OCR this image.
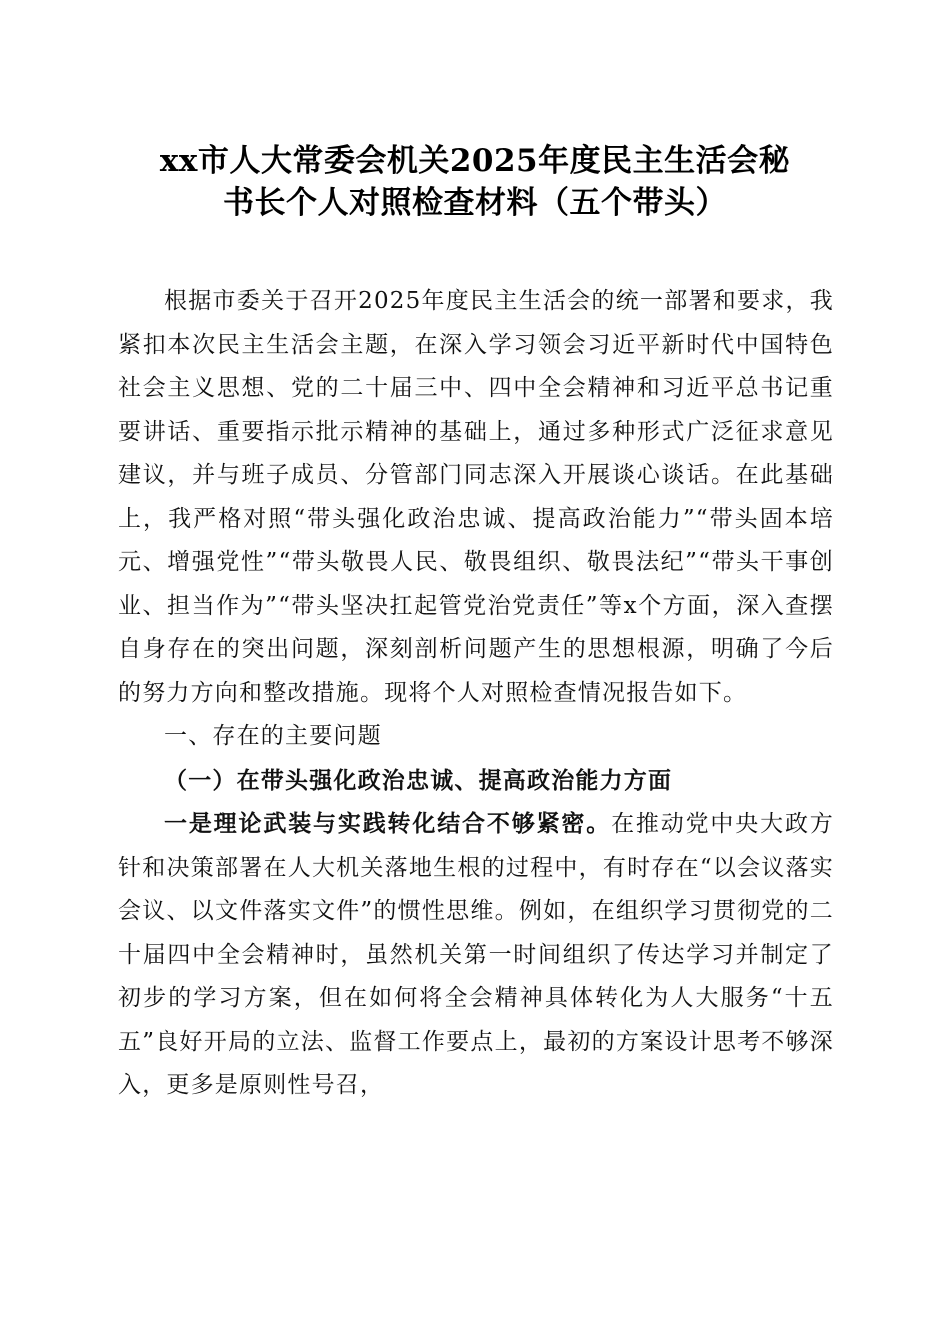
xx市人大常委会机关2025年度民主生活会秘
书长个人对照检查材料（五个带头）

根据市委关于召开2025年度民主生活会的统一部署和要求，我紧扣本次民主生活会主题，在深入学习领会习近平新时代中国特色社会主义思想、党的二十届三中、四中全会精神和习近平总书记重要讲话、重要指示批示精神的基础上，通过多种形式广泛征求意见建议，并与班子成员、分管部门同志深入开展谈心谈话。在此基础上，我严格对照“带头强化政治忠诚、提高政治能力”“带头固本培元、增强党性”“带头敬畏人民、敬畏组织、敬畏法纪”“带头干事创业、担当作为”“带头坚决扛起管党治党责任”等x个方面，深入查摆自身存在的突出问题，深刻剖析问题产生的思想根源，明确了今后的努力方向和整改措施。现将个人对照检查情况报告如下。

一、存在的主要问题

（一）在带头强化政治忠诚、提高政治能力方面

一是理论武装与实践转化结合不够紧密。在推动党中央大政方针和决策部署在人大机关落地生根的过程中，有时存在“以会议落实会议、以文件落实文件”的惯性思维。例如，在组织学习贯彻党的二十届四中全会精神时，虽然机关第一时间组织了传达学习并制定了初步的学习方案，但在如何将全会精神具体转化为人大服务“十五五”良好开局的立法、监督工作要点上，最初的方案设计思考不够深入，更多是原则性号召，
